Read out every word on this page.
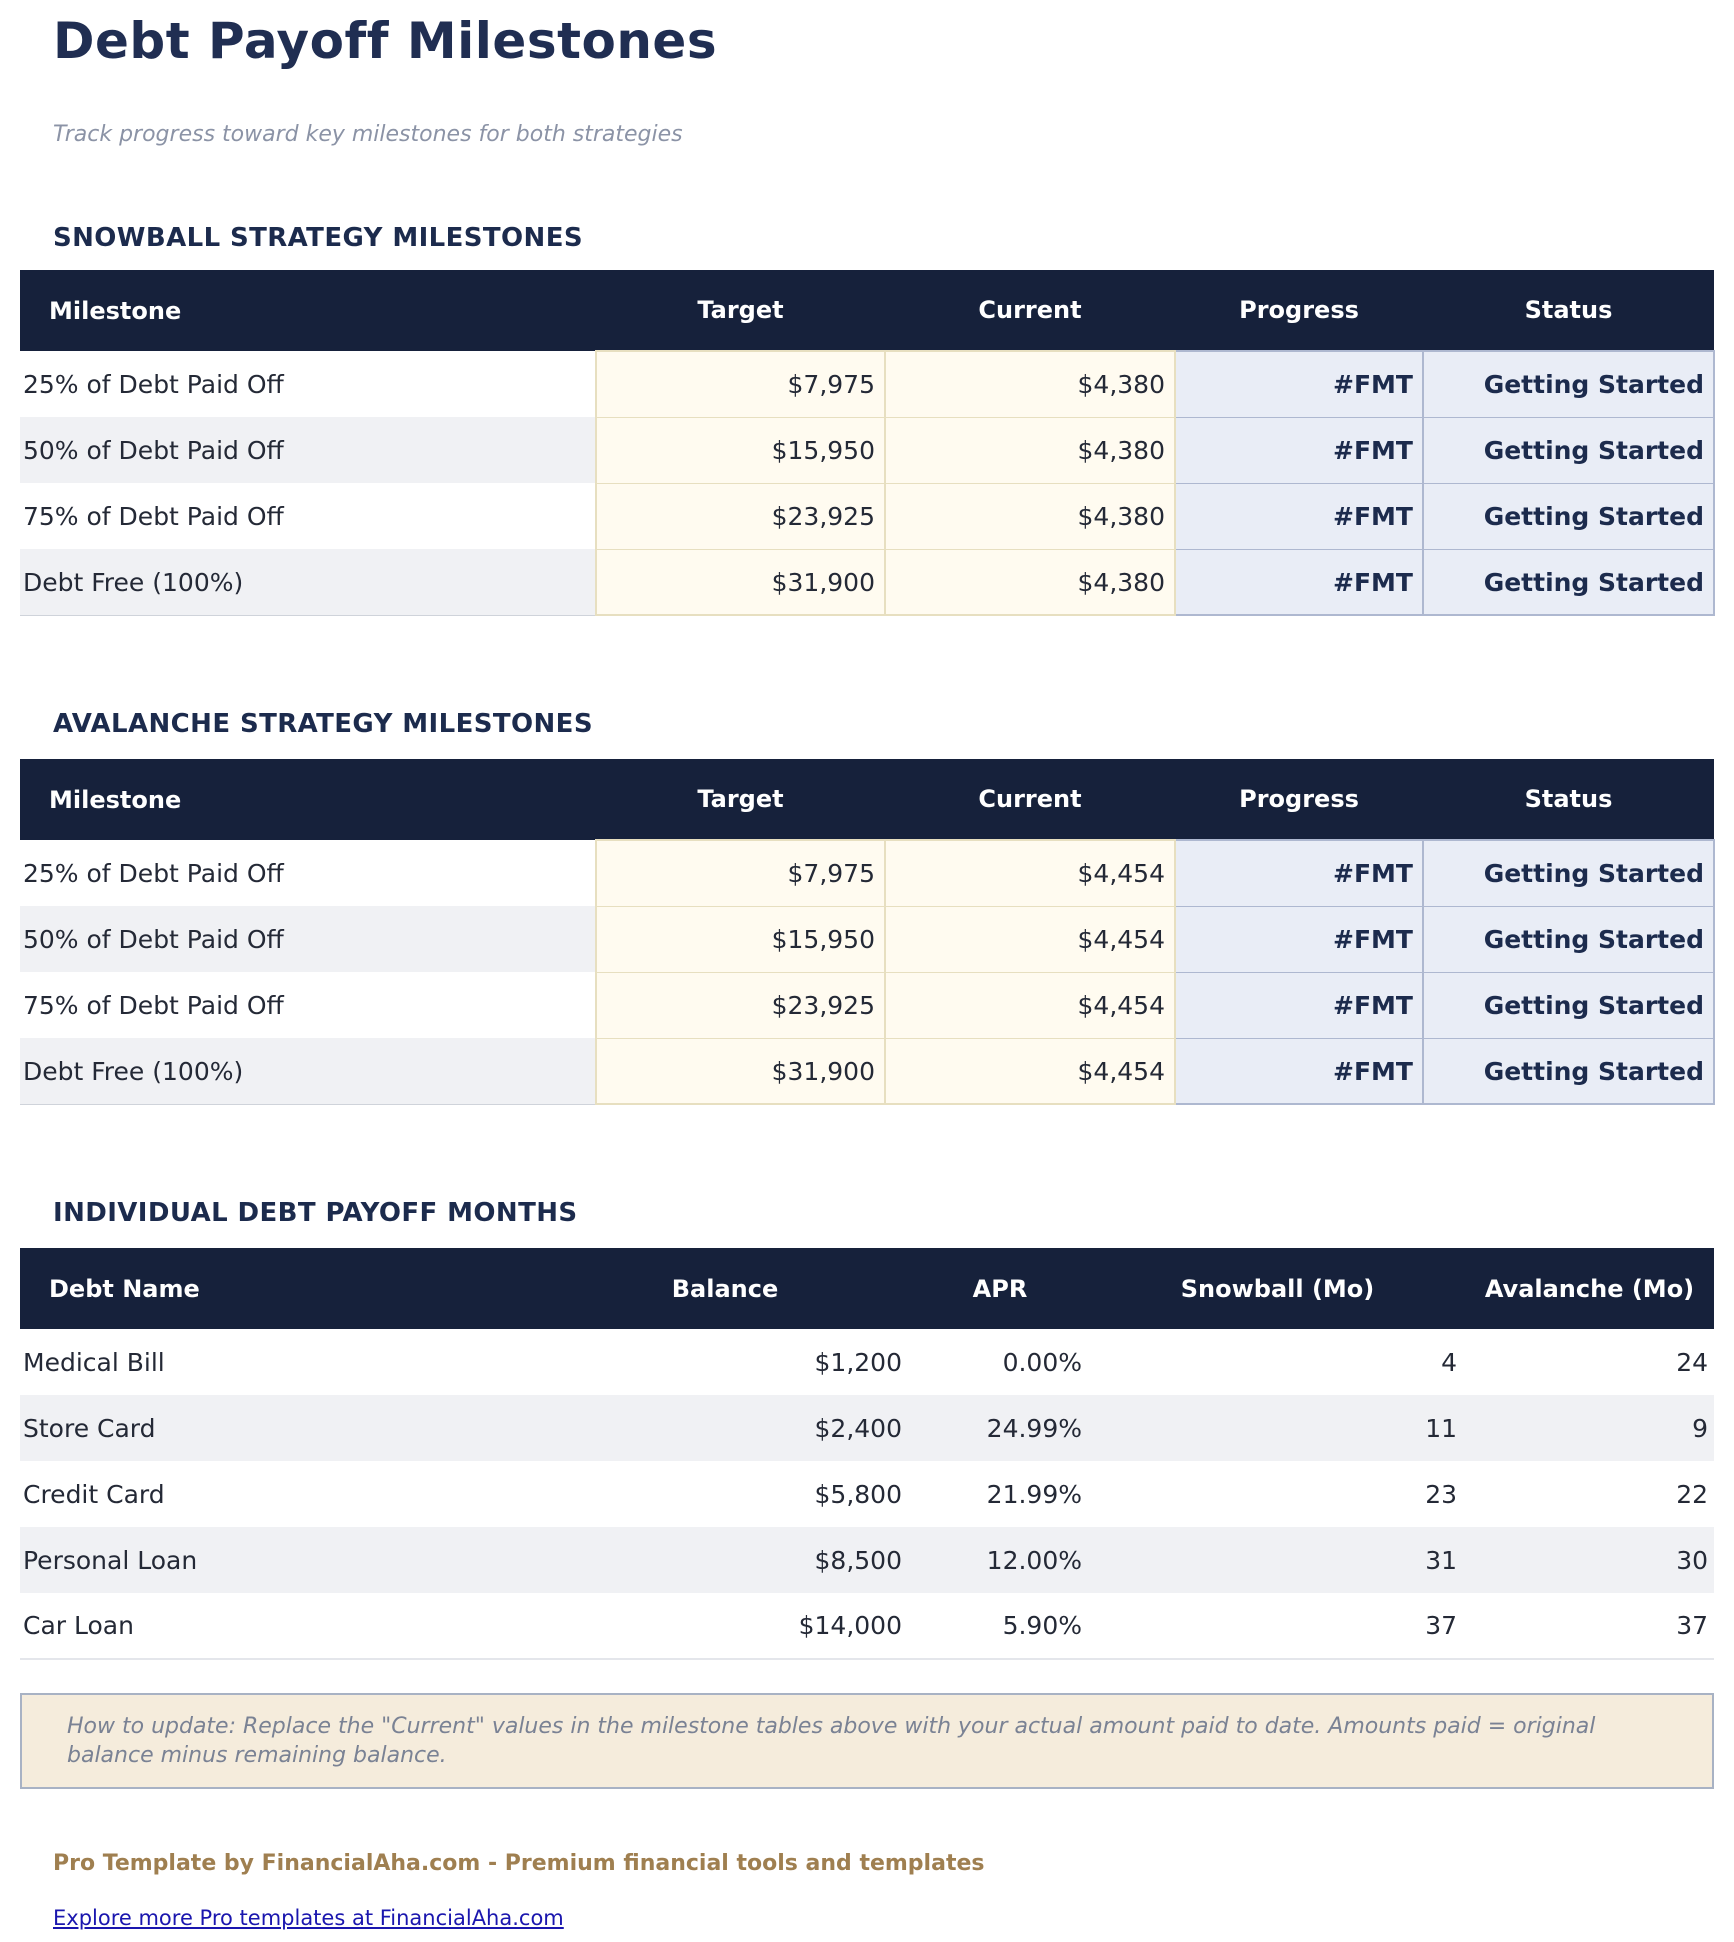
Debt Payoff Milestones

Track progress toward key milestones for both strategies

SNOWBALL STRATEGY MILESTONES
Milestone	Target	Current	Progress	Status
25% of Debt Paid Off	$7,975	$4,380	#FMT	Getting Started
50% of Debt Paid Off	$15,950	$4,380	#FMT	Getting Started
75% of Debt Paid Off	$23,925	$4,380	#FMT	Getting Started
Debt Free (100%)	$31,900	$4,380	#FMT	Getting Started
AVALANCHE STRATEGY MILESTONES
Milestone	Target	Current	Progress	Status
25% of Debt Paid Off	$7,975	$4,454	#FMT	Getting Started
50% of Debt Paid Off	$15,950	$4,454	#FMT	Getting Started
75% of Debt Paid Off	$23,925	$4,454	#FMT	Getting Started
Debt Free (100%)	$31,900	$4,454	#FMT	Getting Started
INDIVIDUAL DEBT PAYOFF MONTHS
Debt Name	Balance	APR	Snowball (Mo)	Avalanche (Mo)
Medical Bill	$1,200	0.00%	4	24
Store Card	$2,400	24.99%	11	9
Credit Card	$5,800	21.99%	23	22
Personal Loan	$8,500	12.00%	31	30
Car Loan	$14,000	5.90%	37	37
How to update: Replace the "Current" values in the milestone tables above with your actual amount paid to date. Amounts paid = original balance minus remaining balance.

Pro Template by FinancialAha.com - Premium financial tools and templates

Explore more Pro templates at FinancialAha.com
